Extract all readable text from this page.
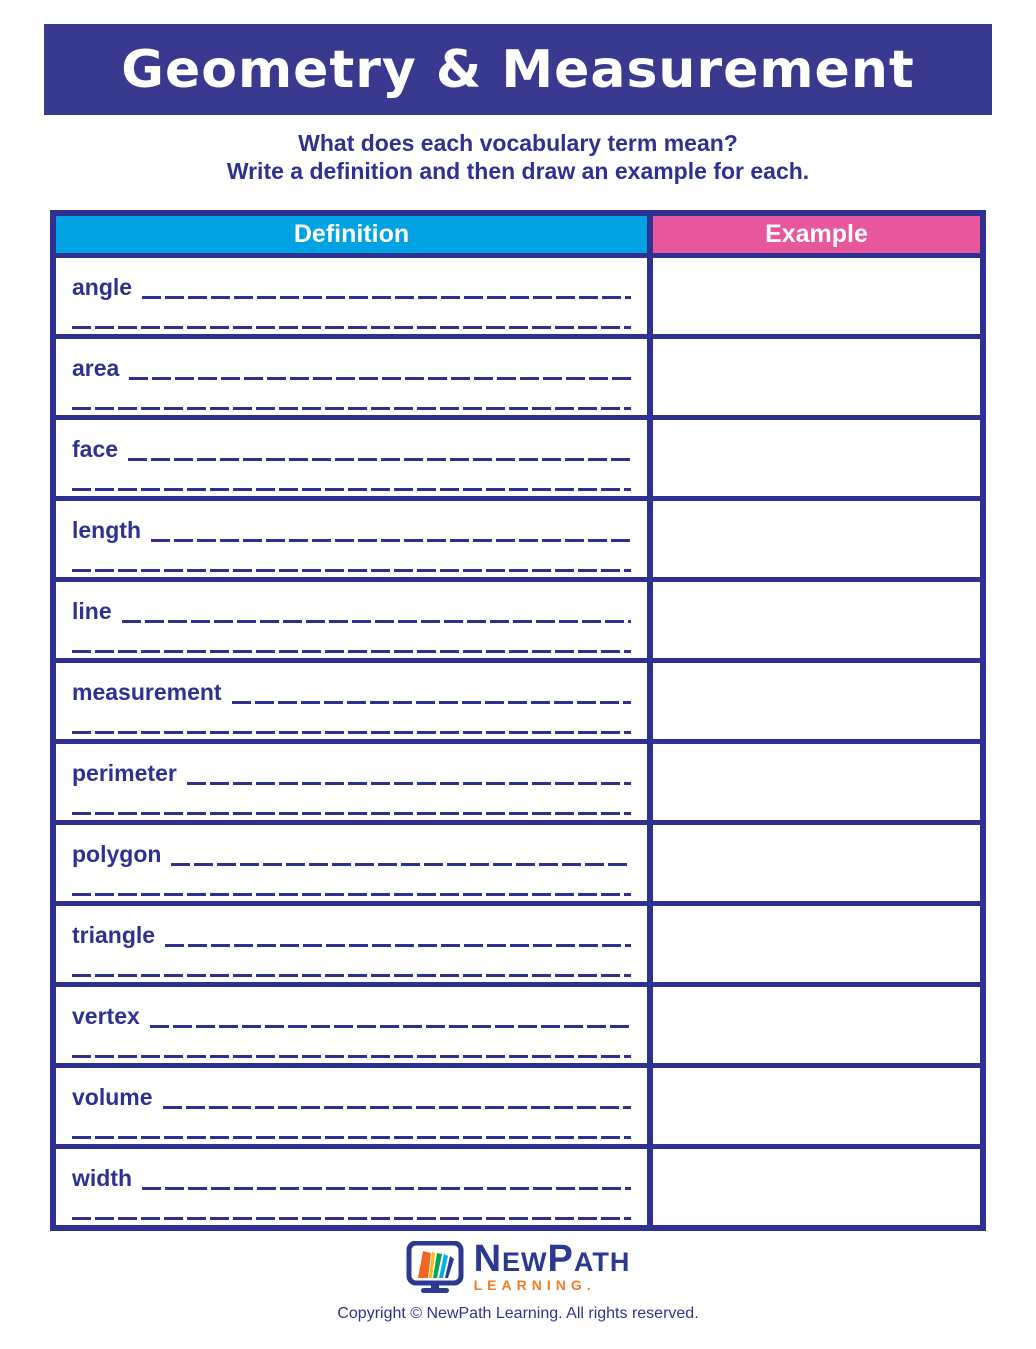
Geometry & Measurement
What does each vocabulary term mean?
Write a definition and then draw an example for each.
Definition	Example
angle
area
face
length
line
measurement
perimeter
polygon
triangle
vertex
volume
width
NewPath
LEARNING.
Copyright © NewPath Learning. All rights reserved.
